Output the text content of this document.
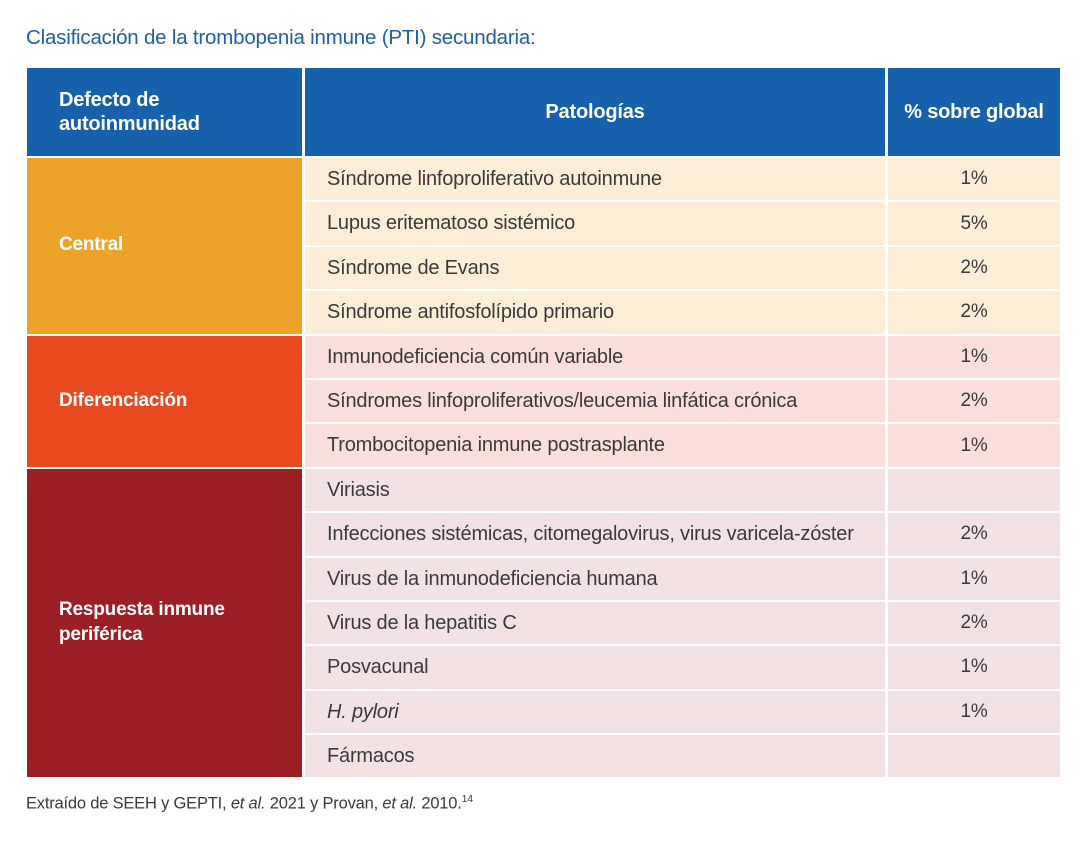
Clasificación de la trombopenia inmune (PTI) secundaria:
Defecto de autoinmunidad	Patologías	% sobre global
Central	Síndrome linfoproliferativo autoinmune	1%
	Lupus eritematoso sistémico	5%
	Síndrome de Evans	2%
	Síndrome antifosfolípido primario	2%
Diferenciación	Inmunodeficiencia común variable	1%
	Síndromes linfoproliferativos/leucemia linfática crónica	2%
	Trombocitopenia inmune postrasplante	1%
Respuesta inmune periférica	Viriasis	
	Infecciones sistémicas, citomegalovirus, virus varicela-zóster	2%
	Virus de la inmunodeficiencia humana	1%
	Virus de la hepatitis C	2%
	Posvacunal	1%
	H. pylori	1%
	Fármacos	
Extraído de SEEH y GEPTI, et al. 2021 y Provan, et al. 2010.14
